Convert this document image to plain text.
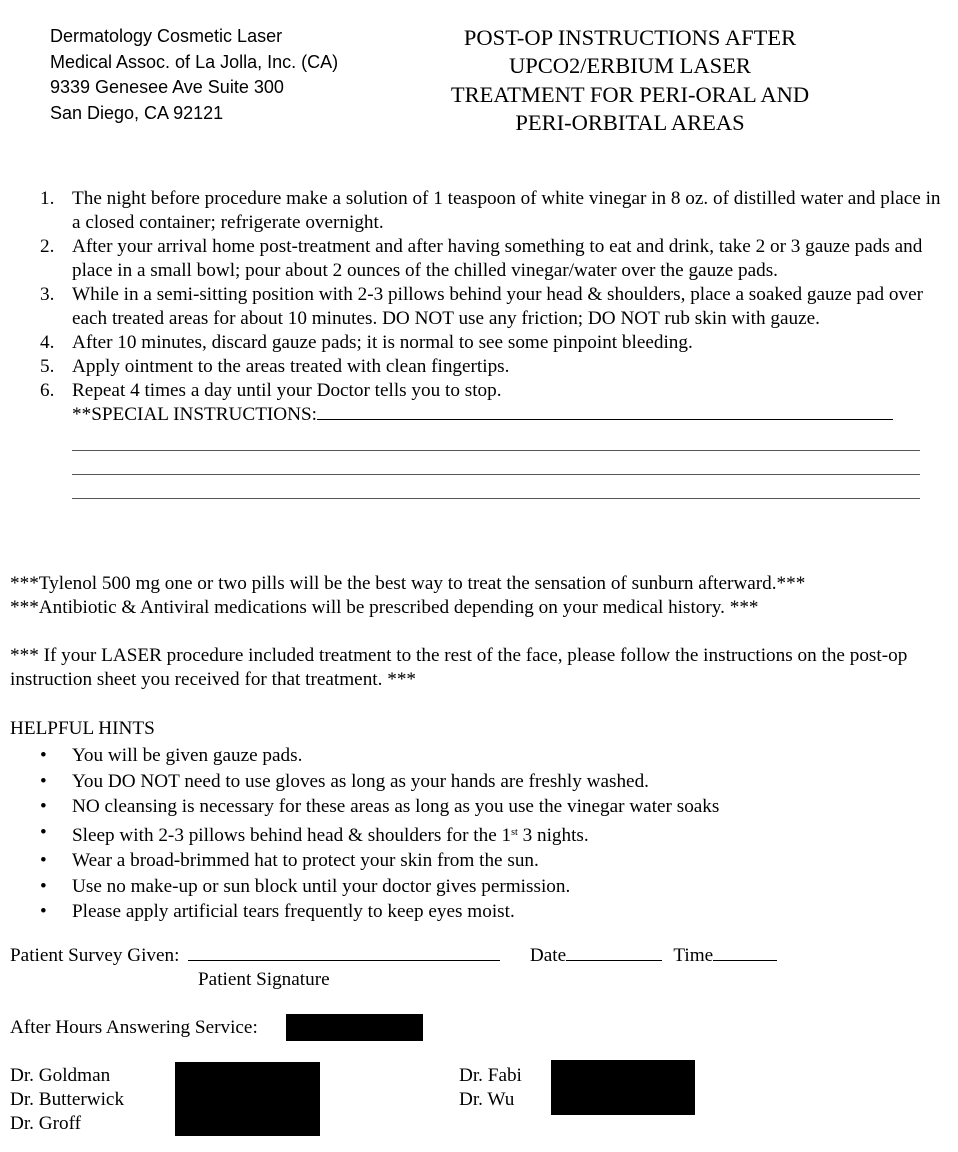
Dermatology Cosmetic Laser
Medical Assoc. of La Jolla, Inc. (CA)
9339 Genesee Ave Suite 300
San Diego, CA 92121
POST-OP INSTRUCTIONS AFTER
UPCO2/ERBIUM LASER
TREATMENT FOR PERI-ORAL AND
PERI-ORBITAL AREAS
1. The night before procedure make a solution of 1 teaspoon of white vinegar in 8 oz. of distilled water and place in a closed container; refrigerate overnight.
2. After your arrival home post-treatment and after having something to eat and drink, take 2 or 3 gauze pads and place in a small bowl; pour about 2 ounces of the chilled vinegar/water over the gauze pads.
3. While in a semi-sitting position with 2-3 pillows behind your head & shoulders, place a soaked gauze pad over each treated areas for about 10 minutes. DO NOT use any friction; DO NOT rub skin with gauze.
4. After 10 minutes, discard gauze pads; it is normal to see some pinpoint bleeding.
5. Apply ointment to the areas treated with clean fingertips.
6. Repeat 4 times a day until your Doctor tells you to stop.
**SPECIAL INSTRUCTIONS:

***Tylenol 500 mg one or two pills will be the best way to treat the sensation of sunburn afterward.***

***Antibiotic & Antiviral medications will be prescribed depending on your medical history. ***

*** If your LASER procedure included treatment to the rest of the face, please follow the instructions on the post-op instruction sheet you received for that treatment. ***

HELPFUL HINTS
• You will be given gauze pads.
• You DO NOT need to use gloves as long as your hands are freshly washed.
• NO cleansing is necessary for these areas as long as you use the vinegar water soaks
• Sleep with 2-3 pillows behind head & shoulders for the 1st 3 nights.
• Wear a broad-brimmed hat to protect your skin from the sun.
• Use no make-up or sun block until your doctor gives permission.
• Please apply artificial tears frequently to keep eyes moist.
Patient Survey Given:	Date	Time
Patient Signature
After Hours Answering Service:
Dr. Goldman
Dr. Butterwick
Dr. Groff
Dr. Fabi
Dr. Wu
